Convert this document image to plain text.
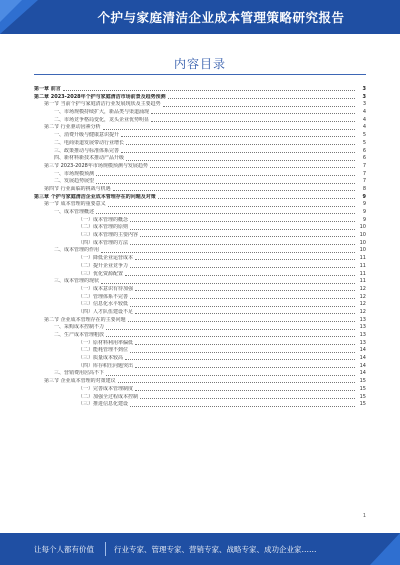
个护与家庭清洁企业成本管理策略研究报告
内容目录
第一章 前言	3
第二章 2023-2028年个护与家庭清洁市场前景及趋势预测	3
第一节 当前个护与家庭清洁行业发展现状及主要趋势	3
一、市场规模持续扩大，新品类与渠道涌现	4
二、市场竞争格局变化，龙头企业优势明显	4
第二节 行业驱动因素分析	4
一、消费升级与健康意识提升	5
二、电商渠道发展带动行业增长	5
三、政策推动与标准体系完善	6
四、新材料新技术推动产品升级	6
第三节 2023-2028年市场规模预测与发展趋势	7
一、市场规模预测	7
二、发展趋势展望	7
第四节 行业面临的挑战与机遇	8
第三章 个护与家庭清洁企业成本管理存在的问题及对策	9
第一节 成本管理的重要意义	9
一、成本管理概述	9
（一）成本管理的概念	9
（二）成本管理的原则	10
（三）成本管理的主要内容	10
（四）成本管理的方法	10
二、成本管理的作用	10
（一）降低企业运营成本	11
（二）提升企业竞争力	11
（三）优化资源配置	11
三、成本管理的现状	11
（一）成本意识有待加强	12
（二）管理体系不完善	12
（三）信息化水平较低	12
（四）人才队伍建设不足	12
第二节 企业成本管理存在的主要问题	13
一、采购成本控制不力	13
二、生产成本管理粗放	13
（一）原材料利用率偏低	13
（二）能耗管理不到位	14
（三）质量成本较高	14
（四）库存积压问题突出	14
三、营销费用居高不下	14
第三节 企业成本管理的对策建议	15
（一）完善成本管理制度	15
（二）加强全过程成本控制	15
（三）推进信息化建设	15
1
让每个人都有价值	行业专家、管理专家、营销专家、战略专家、成功企业家……
